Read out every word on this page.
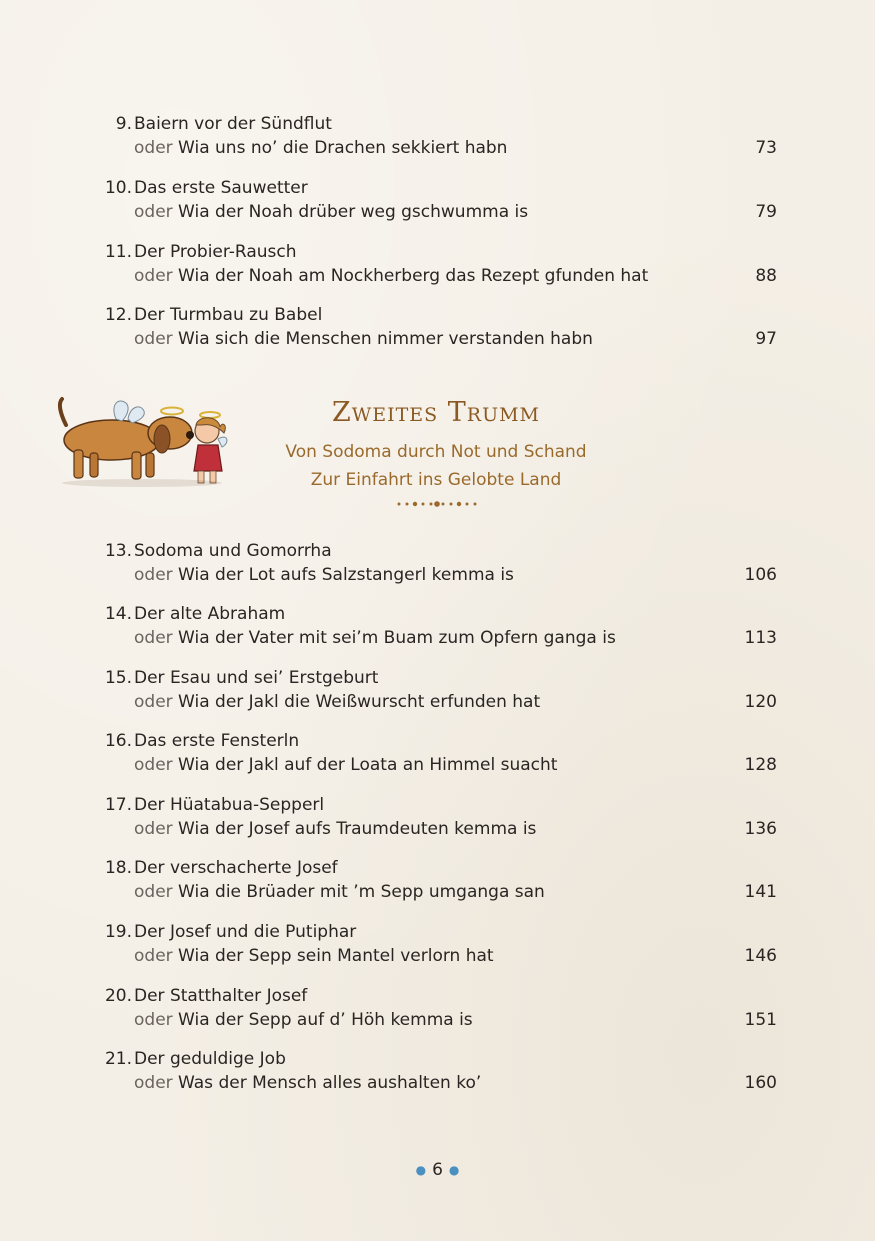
9. Baiern vor der Sündflut
oder Wia uns no’ die Drachen sekkiert habn	73
10. Das erste Sauwetter
oder Wia der Noah drüber weg gschwumma is	79
11. Der Probier-Rausch
oder Wia der Noah am Nockherberg das Rezept gfunden hat	88
12. Der Turmbau zu Babel
oder Wia sich die Menschen nimmer verstanden habn	97
Zweites Trumm
Von Sodoma durch Not und Schand
Zur Einfahrt ins Gelobte Land
13. Sodoma und Gomorrha
oder Wia der Lot aufs Salzstangerl kemma is	106
14. Der alte Abraham
oder Wia der Vater mit sei’m Buam zum Opfern ganga is	113
15. Der Esau und sei’ Erstgeburt
oder Wia der Jakl die Weißwurscht erfunden hat	120
16. Das erste Fensterln
oder Wia der Jakl auf der Loata an Himmel suacht	128
17. Der Hüatabua-Sepperl
oder Wia der Josef aufs Traumdeuten kemma is	136
18. Der verschacherte Josef
oder Wia die Brüader mit ’m Sepp umganga san	141
19. Der Josef und die Putiphar
oder Wia der Sepp sein Mantel verlorn hat	146
20. Der Statthalter Josef
oder Wia der Sepp auf d’ Höh kemma is	151
21. Der geduldige Job
oder Was der Mensch alles aushalten ko’	160
● 6 ●
